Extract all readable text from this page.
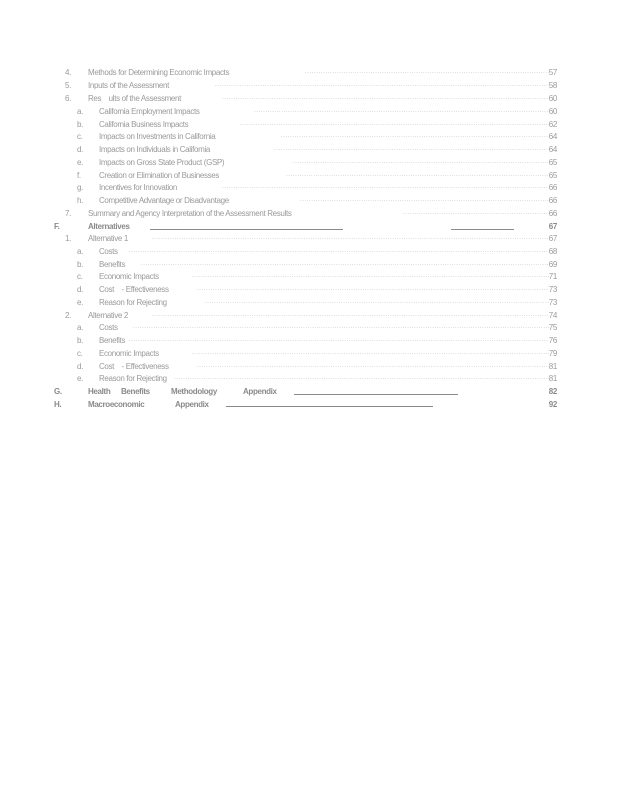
4. Methods for Determining Economic Impacts .....	57
5. Inputs of the Assessment .....	58
6. Res    ults of the Assessment .....	60
a. California Employment Impacts .....	60
b. California Business Impacts .....	62
c. Impacts on Investments in California .....	64
d. Impacts on Individuals in California .....	64
e. Impacts on Gross State Product (GSP) .....	65
f. Creation or Elimination of Businesses .....	65
g. Incentives for Innovation .....	66
h. Competitive Advantage or Disadvantage .....	66
7. Summary and Agency Interpretation of the Assessment Results .....	66
F.	Alternatives	67
1. Alternative 1 .....	67
a. Costs .....	68
b. Benefits .....	69
c. Economic Impacts .....	71
d. Cost    - Effectiveness .....	73
e. Reason for Rejecting .....	73
2. Alternative 2 .....	74
a. Costs .....	75
b. Benefits .....	76
c. Economic Impacts .....	79
d. Cost    - Effectiveness .....	81
e. Reason for Rejecting .....	81
G.	Health Benefits	Methodology	Appendix	82
H.	Macroeconomic	Appendix	92
